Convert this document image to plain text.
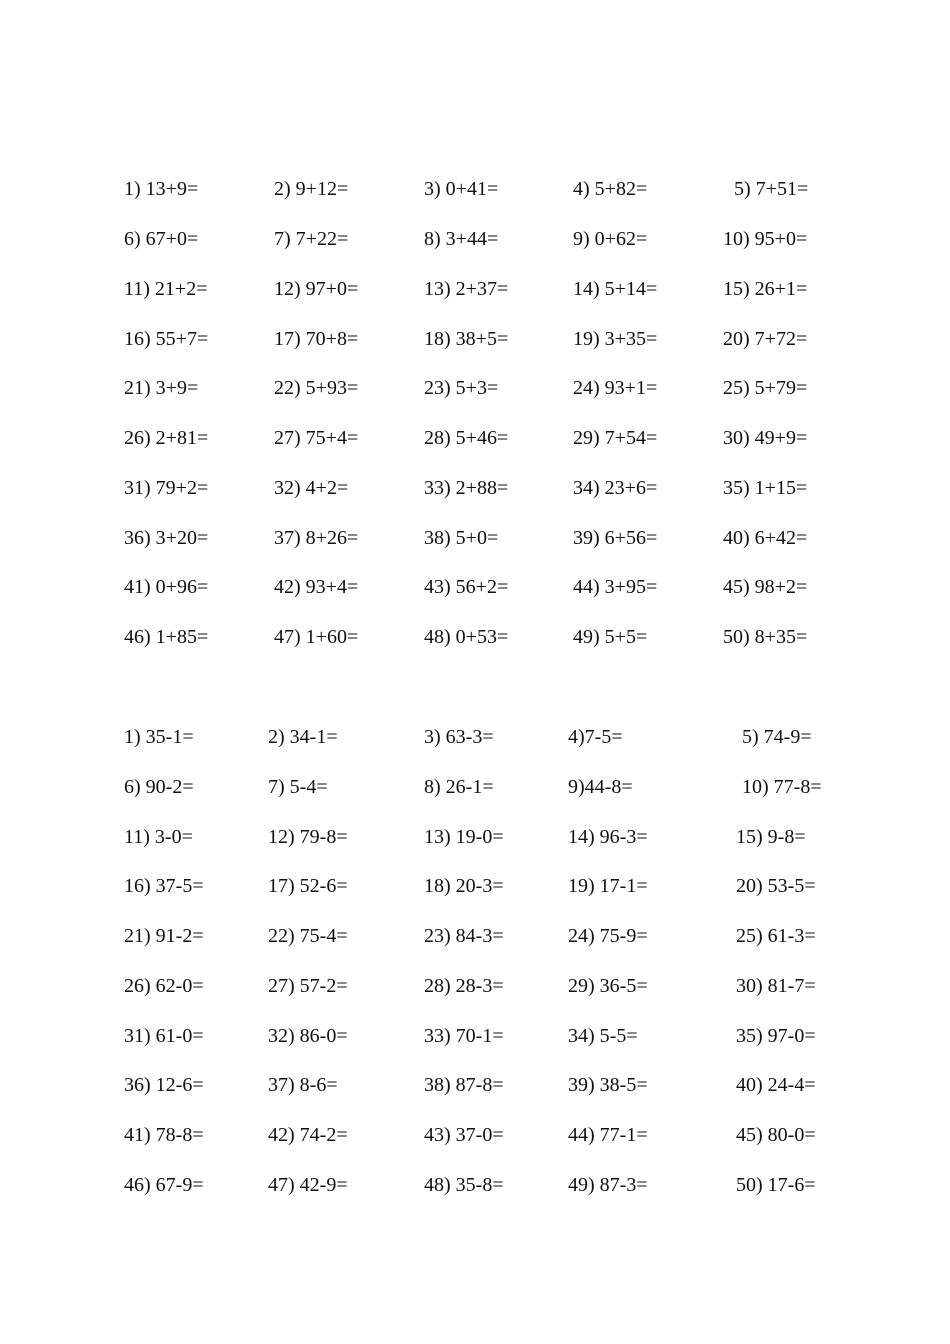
1) 13+9=	2) 9+12=	3) 0+41=	4) 5+82=	5) 7+51=
6) 67+0=	7) 7+22=	8) 3+44=	9) 0+62=	10) 95+0=
11) 21+2=	12) 97+0=	13) 2+37=	14) 5+14=	15) 26+1=
16) 55+7=	17) 70+8=	18) 38+5=	19) 3+35=	20) 7+72=
21) 3+9=	22) 5+93=	23) 5+3=	24) 93+1=	25) 5+79=
26) 2+81=	27) 75+4=	28) 5+46=	29) 7+54=	30) 49+9=
31) 79+2=	32) 4+2=	33) 2+88=	34) 23+6=	35) 1+15=
36) 3+20=	37) 8+26=	38) 5+0=	39) 6+56=	40) 6+42=
41) 0+96=	42) 93+4=	43) 56+2=	44) 3+95=	45) 98+2=
46) 1+85=	47) 1+60=	48) 0+53=	49) 5+5=	50) 8+35=
1) 35-1=	2) 34-1=	3) 63-3=	4)7-5=	5) 74-9=
6) 90-2=	7) 5-4=	8) 26-1=	9)44-8=	10) 77-8=
11) 3-0=	12) 79-8=	13) 19-0=	14) 96-3=	15) 9-8=
16) 37-5=	17) 52-6=	18) 20-3=	19) 17-1=	20) 53-5=
21) 91-2=	22) 75-4=	23) 84-3=	24) 75-9=	25) 61-3=
26) 62-0=	27) 57-2=	28) 28-3=	29) 36-5=	30) 81-7=
31) 61-0=	32) 86-0=	33) 70-1=	34) 5-5=	35) 97-0=
36) 12-6=	37) 8-6=	38) 87-8=	39) 38-5=	40) 24-4=
41) 78-8=	42) 74-2=	43) 37-0=	44) 77-1=	45) 80-0=
46) 67-9=	47) 42-9=	48) 35-8=	49) 87-3=	50) 17-6=
